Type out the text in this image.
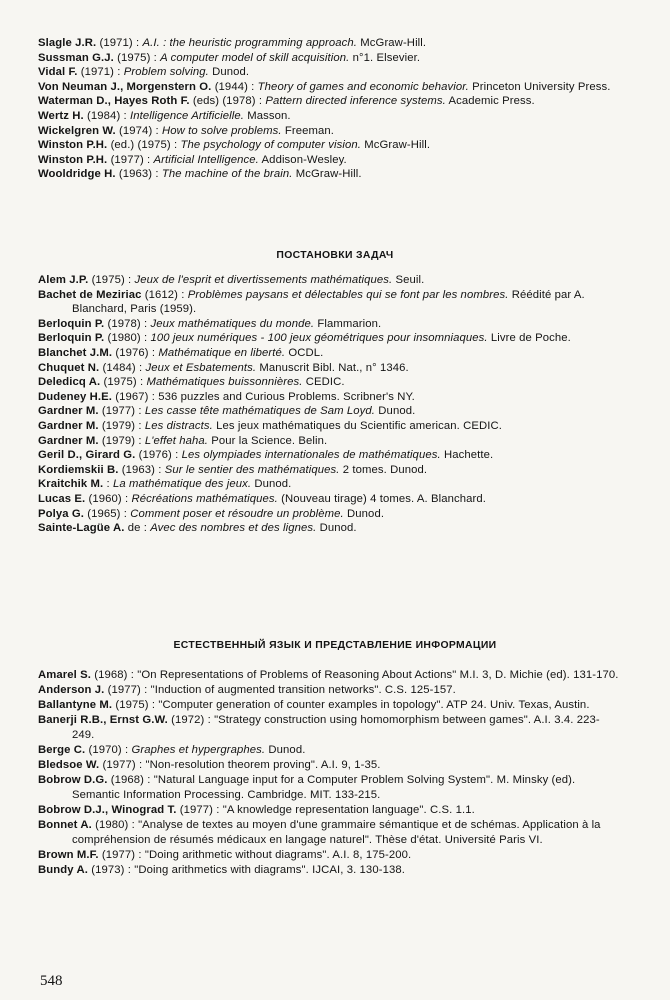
Slagle J.R. (1971) : A.I. : the heuristic programming approach. McGraw-Hill.

Sussman G.J. (1975) : A computer model of skill acquisition. n°1. Elsevier.

Vidal F. (1971) : Problem solving. Dunod.

Von Neuman J., Morgenstern O. (1944) : Theory of games and economic behavior. Princeton University Press.

Waterman D., Hayes Roth F. (eds) (1978) : Pattern directed inference systems. Academic Press.

Wertz H. (1984) : Intelligence Artificielle. Masson.

Wickelgren W. (1974) : How to solve problems. Freeman.

Winston P.H. (ed.) (1975) : The psychology of computer vision. McGraw-Hill.

Winston P.H. (1977) : Artificial Intelligence. Addison-Wesley.

Wooldridge H. (1963) : The machine of the brain. McGraw-Hill.

ПОСТАНОВКИ ЗАДАЧ

Alem J.P. (1975) : Jeux de l'esprit et divertissements mathématiques. Seuil.

Bachet de Meziriac (1612) : Problèmes paysans et délectables qui se font par les nombres. Réédité par A. Blanchard, Paris (1959).

Berloquin P. (1978) : Jeux mathématiques du monde. Flammarion.

Berloquin P. (1980) : 100 jeux numériques - 100 jeux géométriques pour insomniaques. Livre de Poche.

Blanchet J.M. (1976) : Mathématique en liberté. OCDL.

Chuquet N. (1484) : Jeux et Esbatements. Manuscrit Bibl. Nat., n° 1346.

Deledicq A. (1975) : Mathématiques buissonnières. CEDIC.

Dudeney H.E. (1967) : 536 puzzles and Curious Problems. Scribner's NY.

Gardner M. (1977) : Les casse tête mathématiques de Sam Loyd. Dunod.

Gardner M. (1979) : Les distracts. Les jeux mathématiques du Scientific american. CEDIC.

Gardner M. (1979) : L'effet haha. Pour la Science. Belin.

Geril D., Girard G. (1976) : Les olympiades internationales de mathématiques. Hachette.

Kordiemskii B. (1963) : Sur le sentier des mathématiques. 2 tomes. Dunod.

Kraitchik M. : La mathématique des jeux. Dunod.

Lucas E. (1960) : Récréations mathématiques. (Nouveau tirage) 4 tomes. A. Blanchard.

Polya G. (1965) : Comment poser et résoudre un problème. Dunod.

Sainte-Lagüe A. de : Avec des nombres et des lignes. Dunod.

ЕСТЕСТВЕННЫЙ ЯЗЫК И ПРЕДСТАВЛЕНИЕ ИНФОРМАЦИИ

Amarel S. (1968) : "On Representations of Problems of Reasoning About Actions" M.I. 3, D. Michie (ed). 131-170.

Anderson J. (1977) : "Induction of augmented transition networks". C.S. 125-157.

Ballantyne M. (1975) : "Computer generation of counter examples in topology". ATP 24. Univ. Texas, Austin.

Banerji R.B., Ernst G.W. (1972) : "Strategy construction using homomorphism between games". A.I. 3.4. 223-249.

Berge C. (1970) : Graphes et hypergraphes. Dunod.

Bledsoe W. (1977) : "Non-resolution theorem proving". A.I. 9, 1-35.

Bobrow D.G. (1968) : "Natural Language input for a Computer Problem Solving System". M. Minsky (ed). Semantic Information Processing. Cambridge. MIT. 133-215.

Bobrow D.J., Winograd T. (1977) : "A knowledge representation language". C.S. 1.1.

Bonnet A. (1980) : "Analyse de textes au moyen d'une grammaire sémantique et de schémas. Application à la compréhension de résumés médicaux en langage naturel". Thèse d'état. Université Paris VI.

Brown M.F. (1977) : "Doing arithmetic without diagrams". A.I. 8, 175-200.

Bundy A. (1973) : "Doing arithmetics with diagrams". IJCAI, 3. 130-138.

548
